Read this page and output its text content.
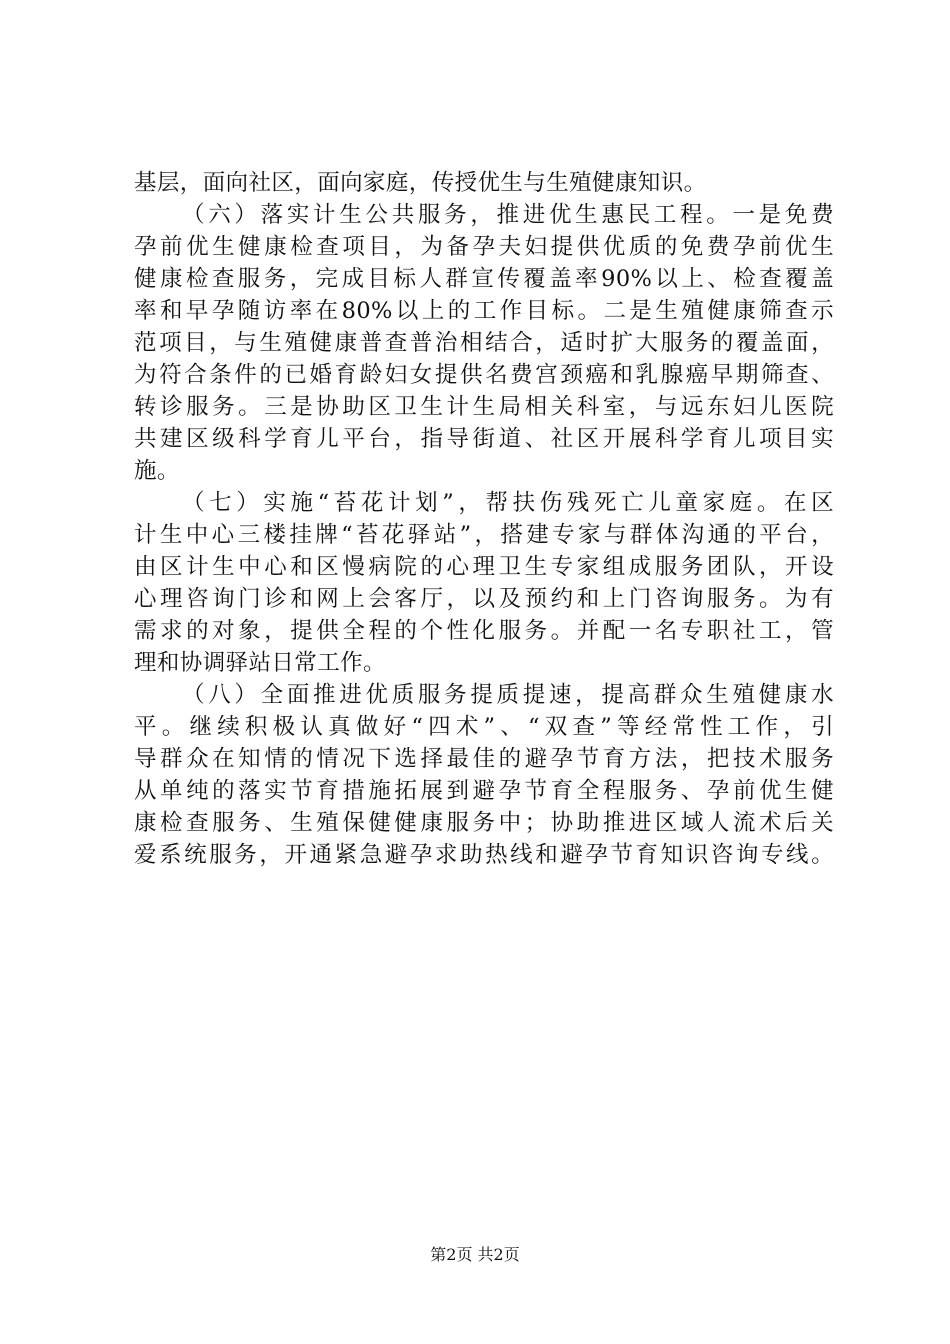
基层，面向社区，面向家庭，传授优生与生殖健康知识。
（六）落实计生公共服务，推进优生惠民工程。一是免费
孕前优生健康检查项目，为备孕夫妇提供优质的免费孕前优生
健康检查服务，完成目标人群宣传覆盖率90%以上、检查覆盖
率和早孕随访率在80%以上的工作目标。二是生殖健康筛查示
范项目，与生殖健康普查普治相结合，适时扩大服务的覆盖面，
为符合条件的已婚育龄妇女提供名费宫颈癌和乳腺癌早期筛查、
转诊服务。三是协助区卫生计生局相关科室，与远东妇儿医院
共建区级科学育儿平台，指导街道、社区开展科学育儿项目实
施。
（七）实施“苔花计划”，帮扶伤残死亡儿童家庭。在区
计生中心三楼挂牌“苔花驿站”，搭建专家与群体沟通的平台，
由区计生中心和区慢病院的心理卫生专家组成服务团队，开设
心理咨询门诊和网上会客厅，以及预约和上门咨询服务。为有
需求的对象，提供全程的个性化服务。并配一名专职社工，管
理和协调驿站日常工作。
（八）全面推进优质服务提质提速，提高群众生殖健康水
平。继续积极认真做好“四术”、“双查”等经常性工作，引
导群众在知情的情况下选择最佳的避孕节育方法，把技术服务
从单纯的落实节育措施拓展到避孕节育全程服务、孕前优生健
康检查服务、生殖保健健康服务中；协助推进区域人流术后关
爱系统服务，开通紧急避孕求助热线和避孕节育知识咨询专线。
第2页 共2页
